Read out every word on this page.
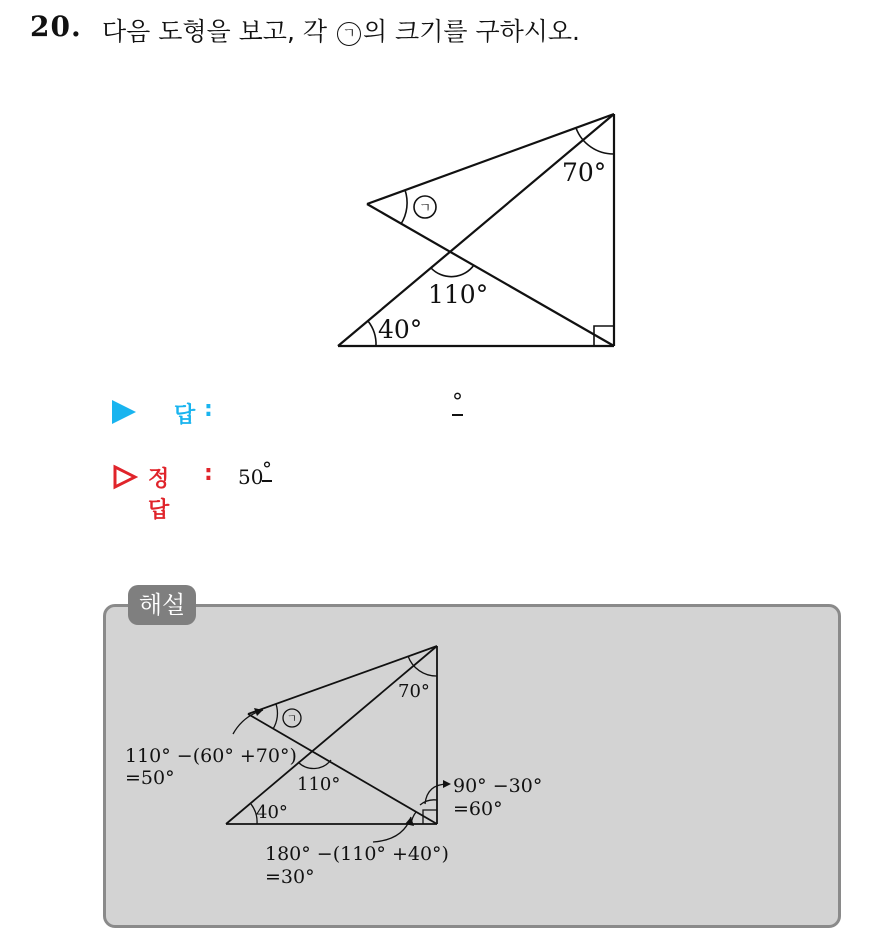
20. 다음 도형을 보고, 각 ㄱ 의 크기를 구하시오.
70°
ㄱ
110°
40°
답 :	°
정답
: 50
°
해설
70°
ㄱ
110°
40°
110° −(60° +70°)
=50°	90° −30°
=60°
180° −(110° +40°)
=30°
